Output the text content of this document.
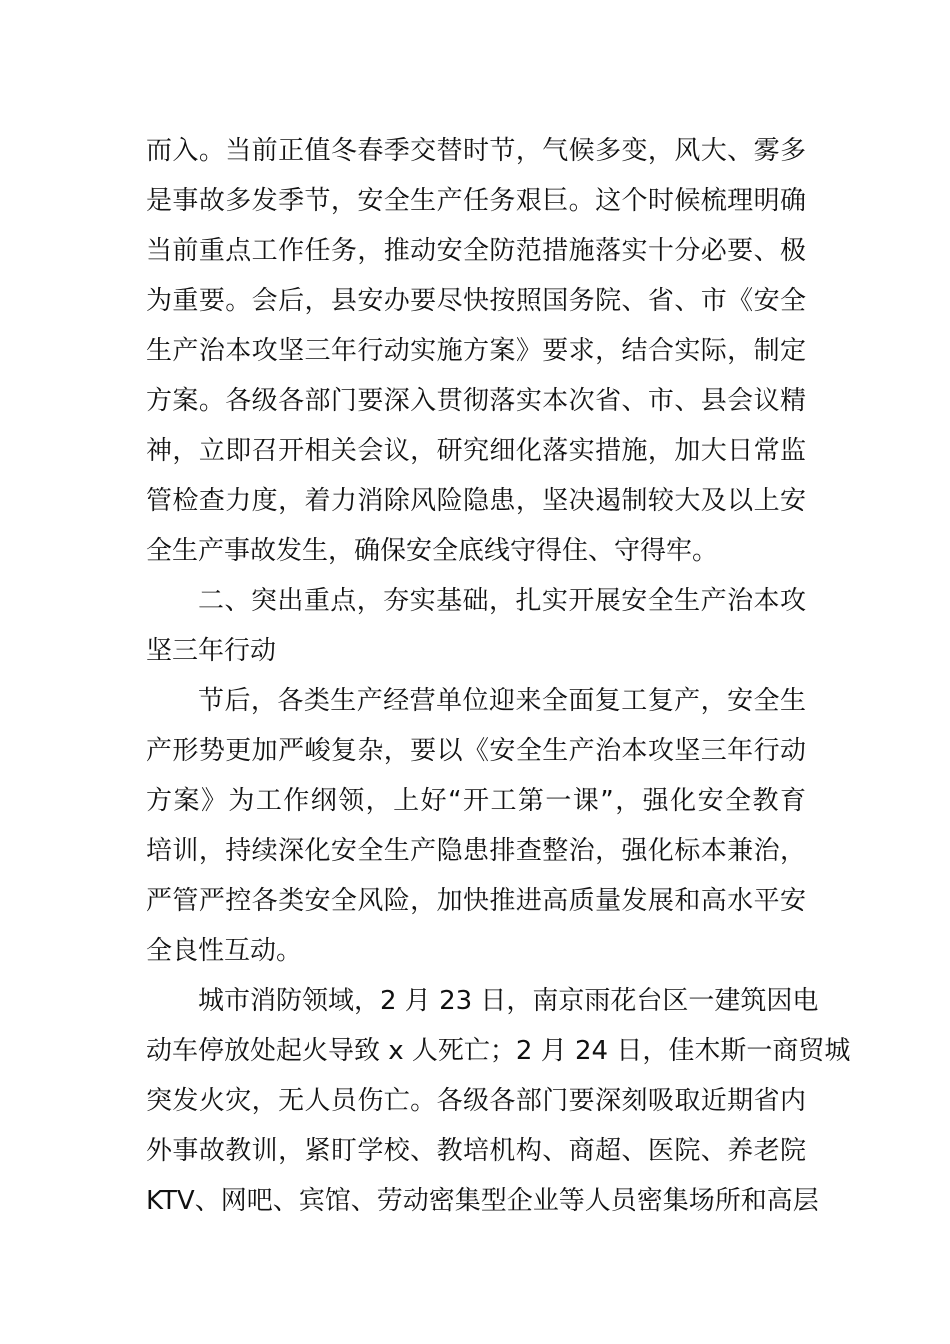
而入。当前正值冬春季交替时节，气候多变，风大、雾多
是事故多发季节，安全生产任务艰巨。这个时候梳理明确
当前重点工作任务，推动安全防范措施落实十分必要、极
为重要。会后，县安办要尽快按照国务院、省、市《安全
生产治本攻坚三年行动实施方案》要求，结合实际，制定
方案。各级各部门要深入贯彻落实本次省、市、县会议精
神，立即召开相关会议，研究细化落实措施，加大日常监
管检查力度，着力消除风险隐患，坚决遏制较大及以上安
全生产事故发生，确保安全底线守得住、守得牢。
二、突出重点，夯实基础，扎实开展安全生产治本攻
坚三年行动
节后，各类生产经营单位迎来全面复工复产，安全生
产形势更加严峻复杂，要以《安全生产治本攻坚三年行动
方案》为工作纲领，上好“开工第一课”，强化安全教育
培训，持续深化安全生产隐患排查整治，强化标本兼治，
严管严控各类安全风险，加快推进高质量发展和高水平安
全良性互动。
城市消防领域，2 月 23 日，南京雨花台区一建筑因电
动车停放处起火导致 x 人死亡；2 月 24 日，佳木斯一商贸城
突发火灾，无人员伤亡。各级各部门要深刻吸取近期省内
外事故教训，紧盯学校、教培机构、商超、医院、养老院
KTV、网吧、宾馆、劳动密集型企业等人员密集场所和高层
